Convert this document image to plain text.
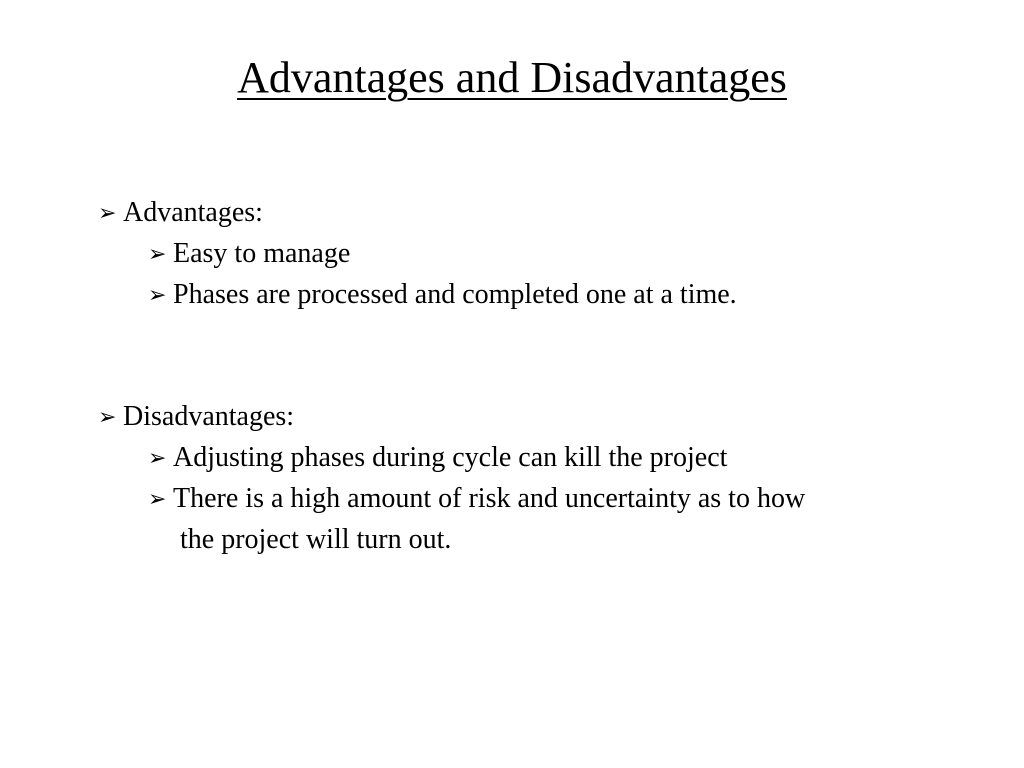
Advantages and Disadvantages
➢ Advantages:
➢ Easy to manage
➢ Phases are processed and completed one at a time.
➢ Disadvantages:
➢ Adjusting phases during cycle can kill the project
➢ There is a high amount of risk and uncertainty as to how
the project will turn out.
